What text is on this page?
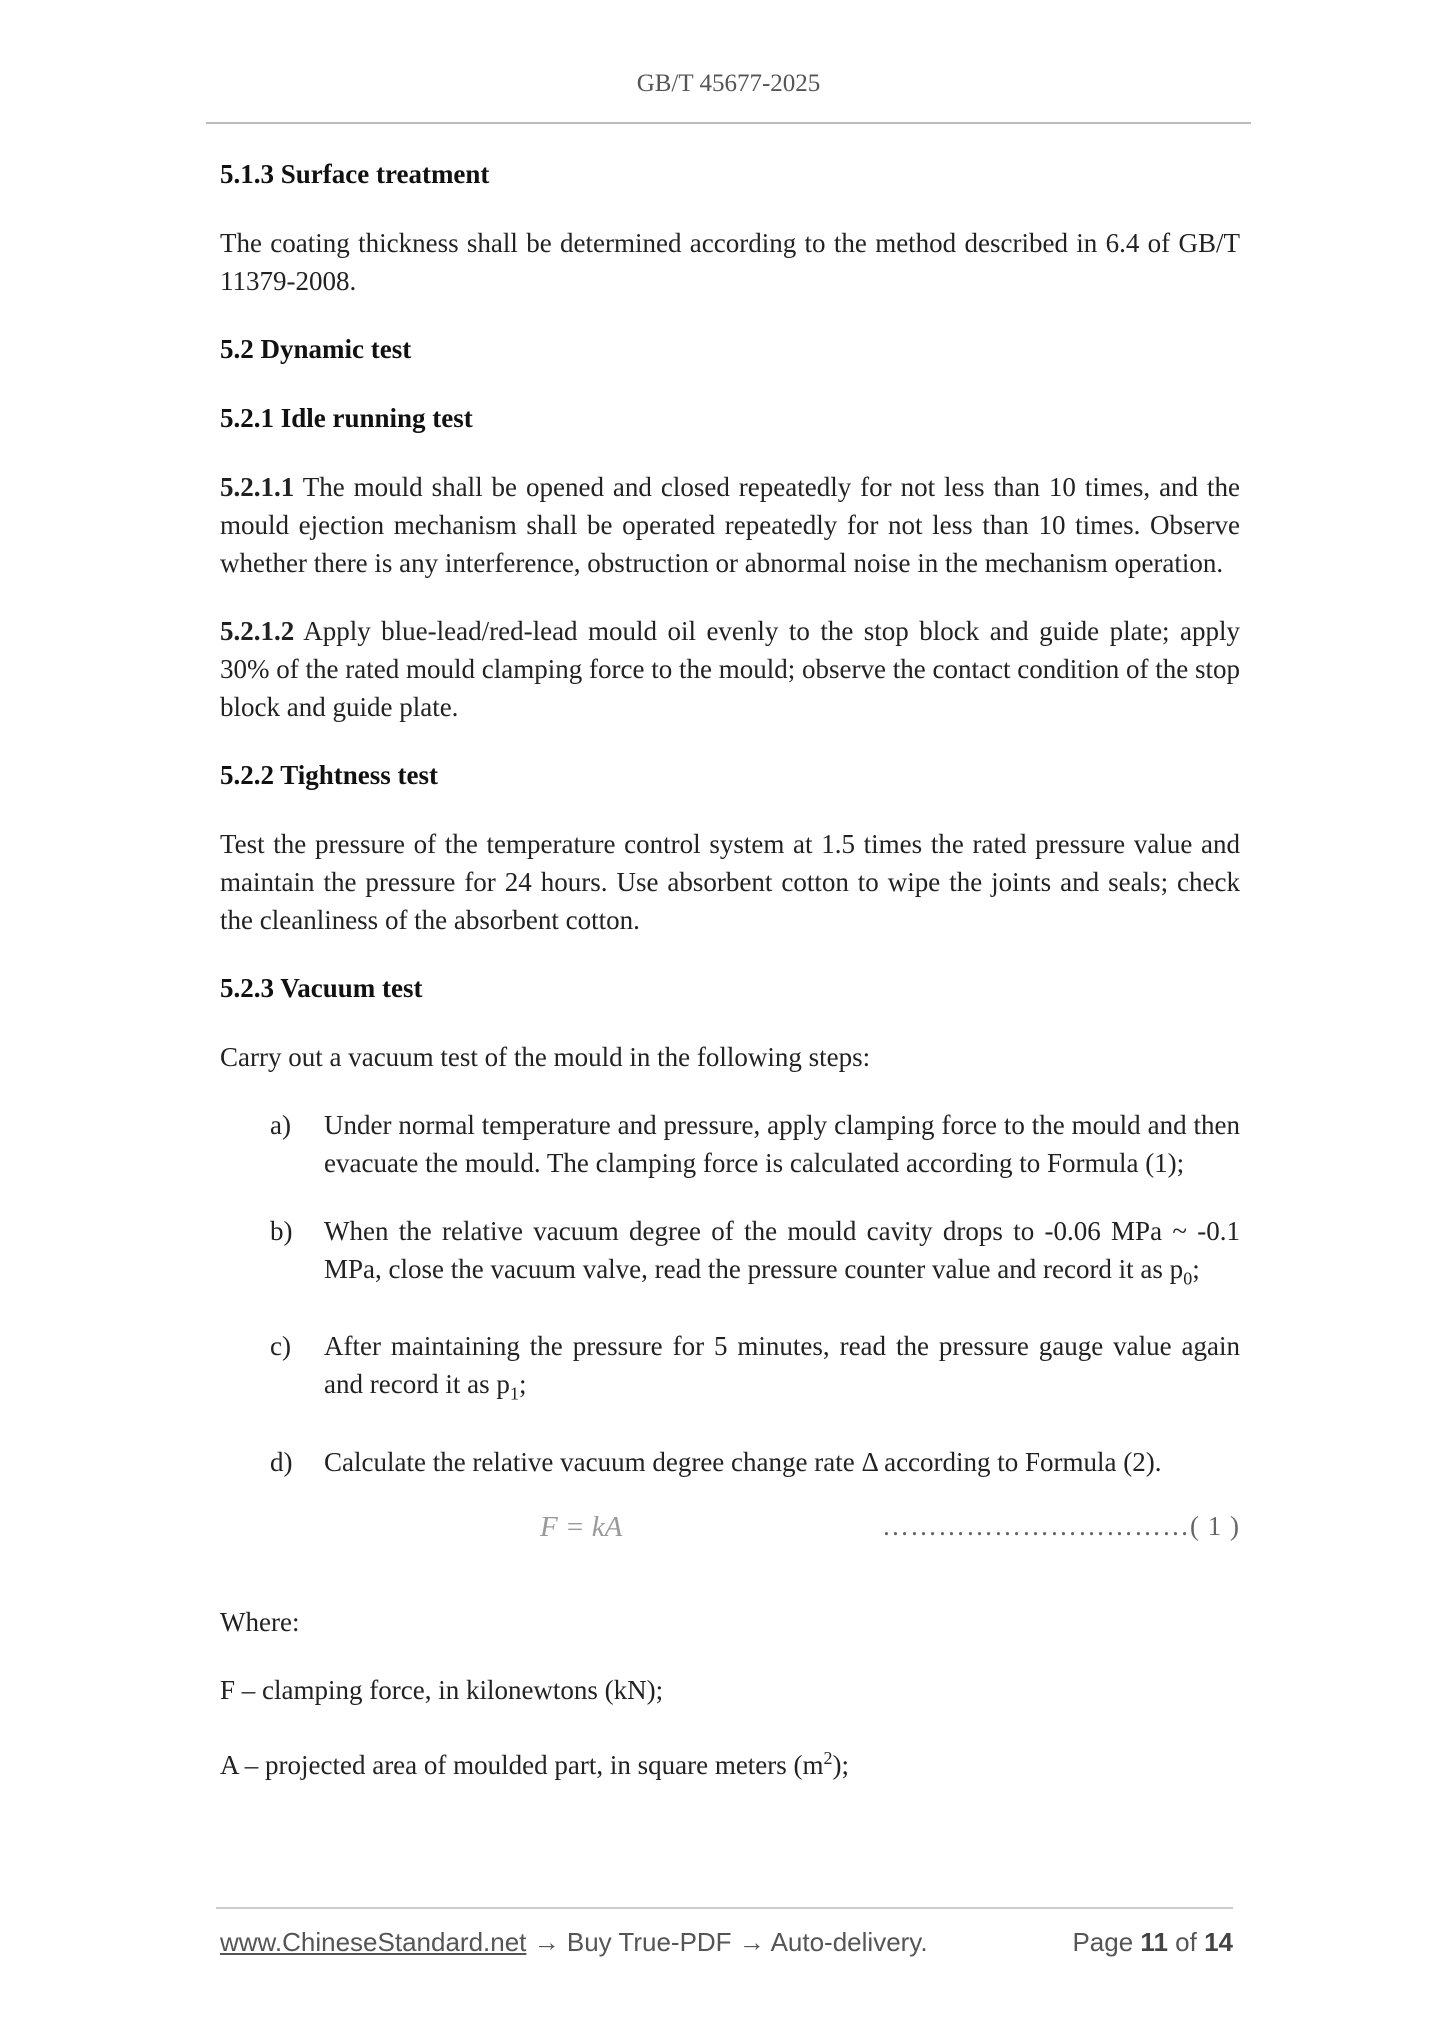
GB/T 45677-2025
5.1.3 Surface treatment

The coating thickness shall be determined according to the method described in 6.4 of GB/T 11379-2008.

5.2 Dynamic test
5.2.1 Idle running test

5.2.1.1 The mould shall be opened and closed repeatedly for not less than 10 times, and the mould ejection mechanism shall be operated repeatedly for not less than 10 times. Observe whether there is any interference, obstruction or abnormal noise in the mechanism operation.

5.2.1.2 Apply blue-lead/red-lead mould oil evenly to the stop block and guide plate; apply 30% of the rated mould clamping force to the mould; observe the contact condition of the stop block and guide plate.

5.2.2 Tightness test

Test the pressure of the temperature control system at 1.5 times the rated pressure value and maintain the pressure for 24 hours. Use absorbent cotton to wipe the joints and seals; check the cleanliness of the absorbent cotton.

5.2.3 Vacuum test

Carry out a vacuum test of the mould in the following steps:

a) Under normal temperature and pressure, apply clamping force to the mould and then evacuate the mould. The clamping force is calculated according to Formula (1);
b) When the relative vacuum degree of the mould cavity drops to -0.06 MPa ~ -0.1 MPa, close the vacuum valve, read the pressure counter value and record it as $p_0$;
c) After maintaining the pressure for 5 minutes, read the pressure gauge value again and record it as $p_1$;
d) Calculate the relative vacuum degree change rate Δ according to Formula (2).
F = kA	……………………………( 1 )

Where:

F – clamping force, in kilonewtons (kN);

A – projected area of moulded part, in square meters $(m^2)$;

www.ChineseStandard.net → Buy True-PDF → Auto-delivery.	Page 11 of 14
